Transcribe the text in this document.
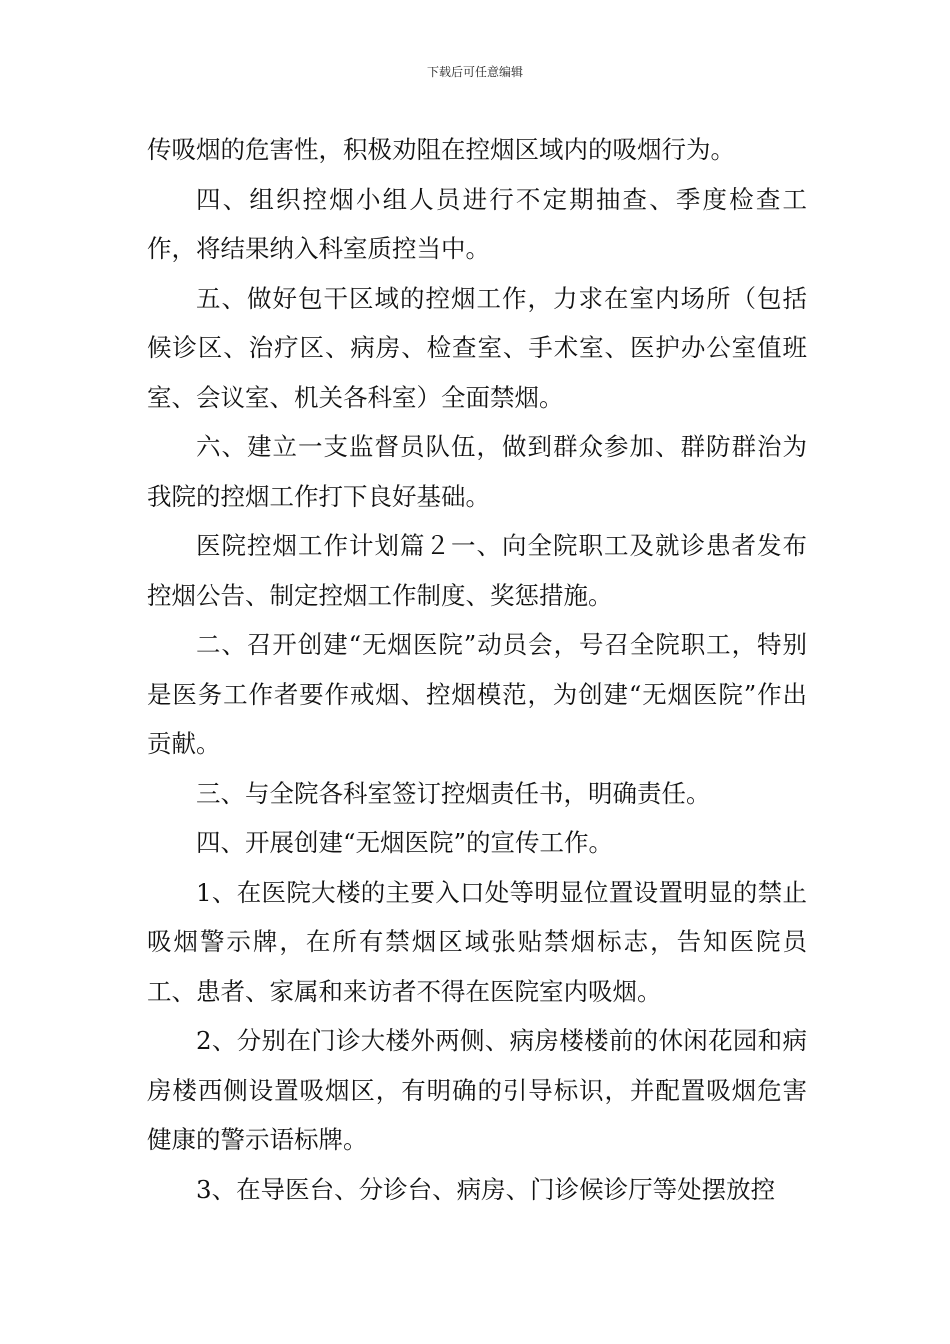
下载后可任意编辑

传吸烟的危害性，积极劝阻在控烟区域内的吸烟行为。

四、组织控烟小组人员进行不定期抽查、季度检查工作，将结果纳入科室质控当中。

五、做好包干区域的控烟工作，力求在室内场所（包括候诊区、治疗区、病房、检查室、手术室、医护办公室值班室、会议室、机关各科室）全面禁烟。

六、建立一支监督员队伍，做到群众参加、群防群治为我院的控烟工作打下良好基础。

医院控烟工作计划篇２一、向全院职工及就诊患者发布控烟公告、制定控烟工作制度、奖惩措施。

二、召开创建“无烟医院”动员会，号召全院职工，特别是医务工作者要作戒烟、控烟模范，为创建“无烟医院”作出贡献。

三、与全院各科室签订控烟责任书，明确责任。

四、开展创建“无烟医院”的宣传工作。

1、在医院大楼的主要入口处等明显位置设置明显的禁止吸烟警示牌，在所有禁烟区域张贴禁烟标志，告知医院员工、患者、家属和来访者不得在医院室内吸烟。

2、分别在门诊大楼外两侧、病房楼楼前的休闲花园和病房楼西侧设置吸烟区，有明确的引导标识，并配置吸烟危害健康的警示语标牌。

3、在导医台、分诊台、病房、门诊候诊厅等处摆放控
